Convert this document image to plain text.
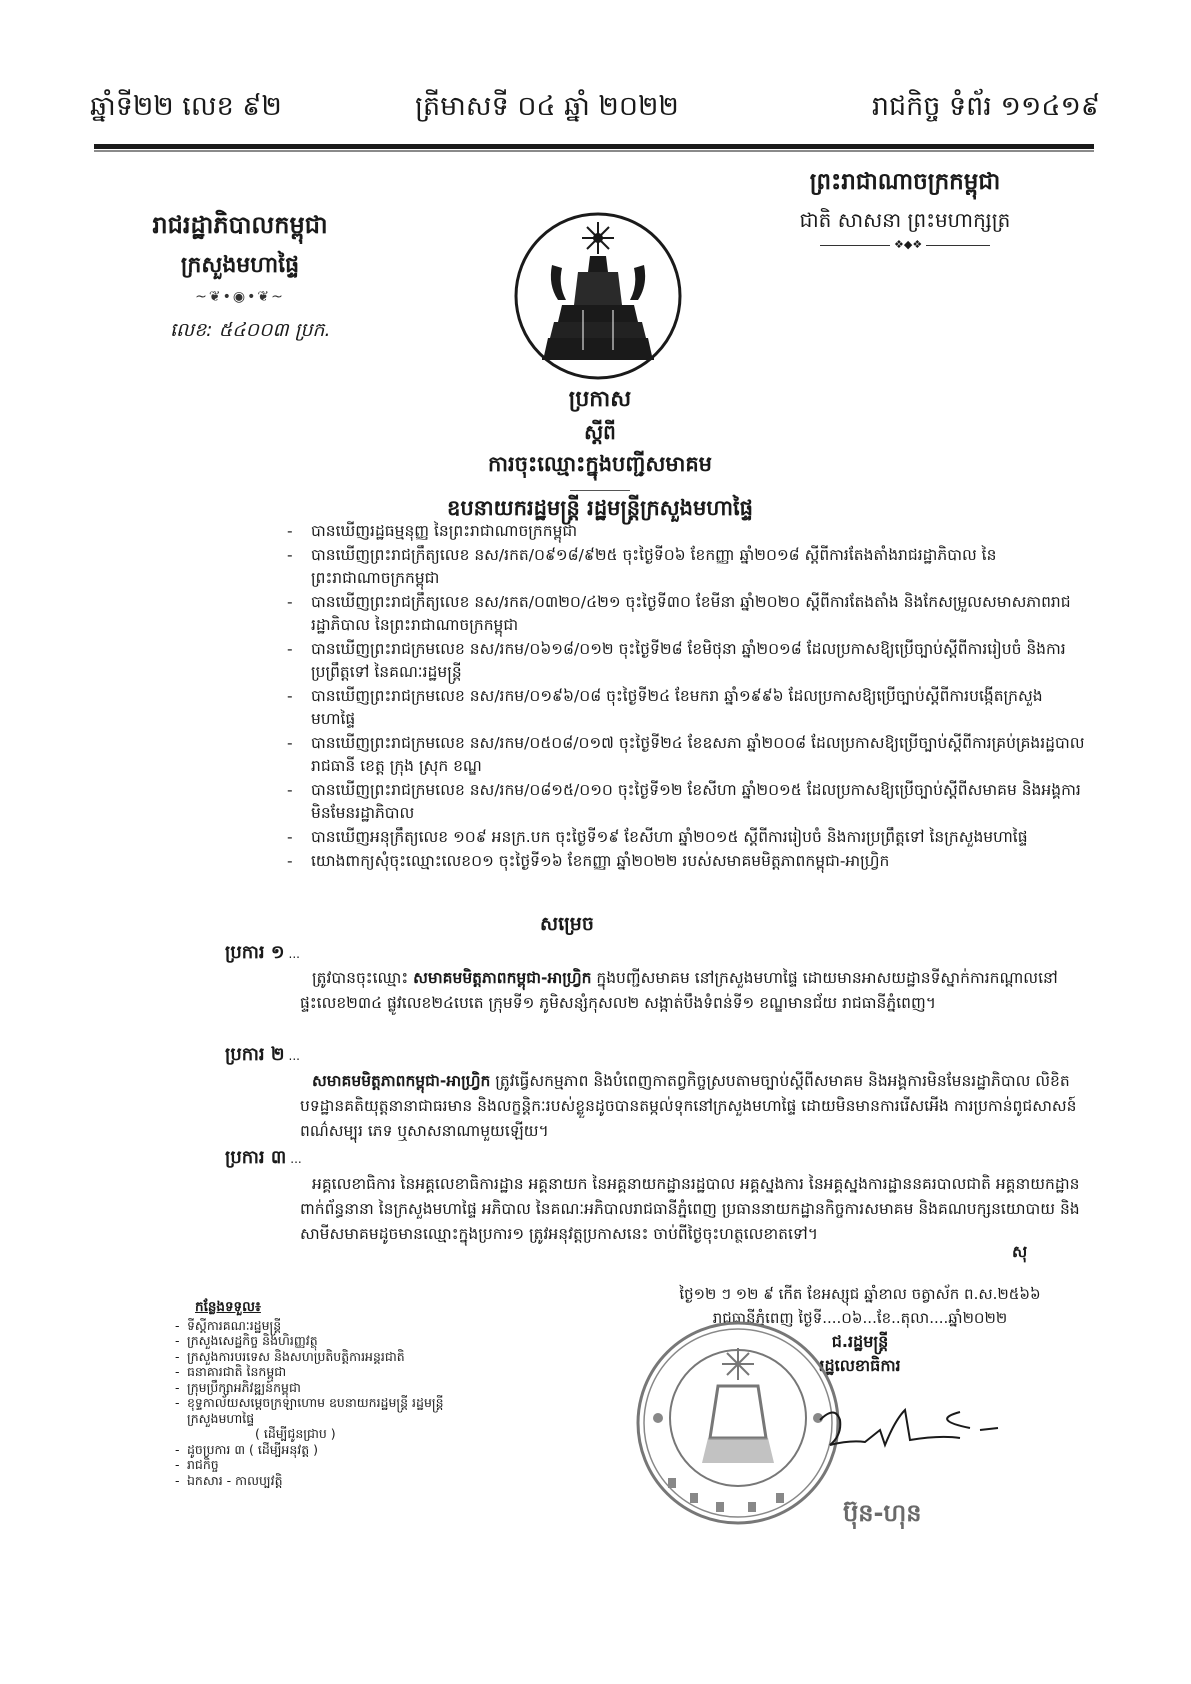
ឆ្នាំទី២២ លេខ ៩២	ត្រីមាសទី ០៤ ឆ្នាំ ២០២២	រាជកិច្ច ទំព័រ ១១៤១៩
រាជរដ្ឋាភិបាលកម្ពុជា
ក្រសួងមហាផ្ទៃ
~❦•◉•❦~
លេខ: ៥៤០០៣ ប្រក.
ព្រះរាជាណាចក្រកម្ពុជា
ជាតិ សាសនា ព្រះមហាក្សត្រ
❖◆❖
ប្រកាស
ស្តីពី
ការចុះឈ្មោះក្នុងបញ្ជីសមាគម
ឧបនាយករដ្ឋមន្ត្រី រដ្ឋមន្ត្រីក្រសួងមហាផ្ទៃ
- បានឃើញរដ្ឋធម្មនុញ្ញ នៃព្រះរាជាណាចក្រកម្ពុជា
- បានឃើញព្រះរាជក្រឹត្យលេខ នស/រកត/០៩១៨/៩២៥ ចុះថ្ងៃទី០៦ ខែកញ្ញា ឆ្នាំ២០១៨ ស្តីពីការតែងតាំងរាជរដ្ឋាភិបាល នៃព្រះរាជាណាចក្រកម្ពុជា
- បានឃើញព្រះរាជក្រឹត្យលេខ នស/រកត/០៣២០/៤២១ ចុះថ្ងៃទី៣០ ខែមីនា ឆ្នាំ២០២០ ស្តីពីការតែងតាំង និងកែសម្រួលសមាសភាពរាជរដ្ឋាភិបាល នៃព្រះរាជាណាចក្រកម្ពុជា
- បានឃើញព្រះរាជក្រមលេខ នស/រកម/០៦១៨/០១២ ចុះថ្ងៃទី២៨ ខែមិថុនា ឆ្នាំ២០១៨ ដែលប្រកាសឱ្យប្រើច្បាប់ស្តីពីការរៀបចំ និងការប្រព្រឹត្តទៅ នៃគណៈរដ្ឋមន្ត្រី
- បានឃើញព្រះរាជក្រមលេខ នស/រកម/០១៩៦/០៨ ចុះថ្ងៃទី២៤ ខែមករា ឆ្នាំ១៩៩៦ ដែលប្រកាសឱ្យប្រើច្បាប់ស្តីពីការបង្កើតក្រសួងមហាផ្ទៃ
- បានឃើញព្រះរាជក្រមលេខ នស/រកម/០៥០៨/០១៧ ចុះថ្ងៃទី២៤ ខែឧសភា ឆ្នាំ២០០៨ ដែលប្រកាសឱ្យប្រើច្បាប់ស្តីពីការគ្រប់គ្រងរដ្ឋបាលរាជធានី ខេត្ត ក្រុង ស្រុក ខណ្ឌ
- បានឃើញព្រះរាជក្រមលេខ នស/រកម/០៨១៥/០១០ ចុះថ្ងៃទី១២ ខែសីហា ឆ្នាំ២០១៥ ដែលប្រកាសឱ្យប្រើច្បាប់ស្តីពីសមាគម និងអង្គការមិនមែនរដ្ឋាភិបាល
- បានឃើញអនុក្រឹត្យលេខ ១០៩ អនក្រ.បក ចុះថ្ងៃទី១៩ ខែសីហា ឆ្នាំ២០១៥ ស្តីពីការរៀបចំ និងការប្រព្រឹត្តទៅ នៃក្រសួងមហាផ្ទៃ
- យោងពាក្យសុំចុះឈ្មោះលេខ០១ ចុះថ្ងៃទី១៦ ខែកញ្ញា ឆ្នាំ២០២២ របស់សមាគមមិត្តភាពកម្ពុជា-អាហ្វ្រិក
សម្រេច
ប្រការ ១ ...
ត្រូវបានចុះឈ្មោះ សមាគមមិត្តភាពកម្ពុជា-អាហ្វ្រិក ក្នុងបញ្ជីសមាគម នៅក្រសួងមហាផ្ទៃ ដោយមានអាសយដ្ឋានទីស្នាក់ការកណ្តាលនៅផ្ទះលេខ២៣៤ ផ្លូវលេខ២៤បេតេ ក្រុមទី១ ភូមិសន្សំកុសល២ សង្កាត់បឹងទំពន់ទី១ ខណ្ឌមានជ័យ រាជធានីភ្នំពេញ។
ប្រការ ២ ...
សមាគមមិត្តភាពកម្ពុជា-អាហ្វ្រិក ត្រូវធ្វើសកម្មភាព និងបំពេញកាតព្វកិច្ចស្របតាមច្បាប់ស្តីពីសមាគម និងអង្គការមិនមែនរដ្ឋាភិបាល លិខិតបទដ្ឋានគតិយុត្តនានាជាធរមាន និងលក្ខន្តិកៈរបស់ខ្លួនដូចបានតម្កល់ទុកនៅក្រសួងមហាផ្ទៃ ដោយមិនមានការរើសអើង ការប្រកាន់ពូជសាសន៍ ពណ៌សម្បុរ ភេទ ឬសាសនាណាមួយឡើយ។
ប្រការ ៣ ...
អគ្គលេខាធិការ នៃអគ្គលេខាធិការដ្ឋាន អគ្គនាយក នៃអគ្គនាយកដ្ឋានរដ្ឋបាល អគ្គស្នងការ នៃអគ្គស្នងការដ្ឋាននគរបាលជាតិ អគ្គនាយកដ្ឋានពាក់ព័ន្ធនានា នៃក្រសួងមហាផ្ទៃ អភិបាល នៃគណៈអភិបាលរាជធានីភ្នំពេញ ប្រធាននាយកដ្ឋានកិច្ចការសមាគម និងគណបក្សនយោបាយ និងសាមីសមាគមដូចមានឈ្មោះក្នុងប្រការ១ ត្រូវអនុវត្តប្រកាសនេះ ចាប់ពីថ្ងៃចុះហត្ថលេខាតទៅ។
សុ
ថ្ងៃ១២ ៗ ១២ ៩ កើត ខែអស្សុជ ឆ្នាំខាល ចត្វាស័ក ព.ស.២៥៦៦
រាជធានីភ្នំពេញ ថ្ងៃទី....០៦...ខែ..តុលា....ឆ្នាំ២០២២
ជ.រដ្ឋមន្ត្រី
រដ្ឋលេខាធិការ
ប៊ុន-ហុន
កន្លែងទទួល៖
- ទីស្តីការគណៈរដ្ឋមន្ត្រី
- ក្រសួងសេដ្ឋកិច្ច និងហិរញ្ញវត្ថុ
- ក្រសួងការបរទេស និងសហប្រតិបត្តិការអន្តរជាតិ
- ធនាគារជាតិ នៃកម្ពុជា
- ក្រុមប្រឹក្សាអភិវឌ្ឍន៍កម្ពុជា
- ខុទ្ទកាល័យសម្តេចក្រឡាហោម ឧបនាយករដ្ឋមន្ត្រី រដ្ឋមន្ត្រីក្រសួងមហាផ្ទៃ
( ដើម្បីជូនជ្រាប )
- ដូចប្រការ ៣ ( ដើម្បីអនុវត្ត )
- រាជកិច្ច
- ឯកសារ - កាលប្បវត្តិ
